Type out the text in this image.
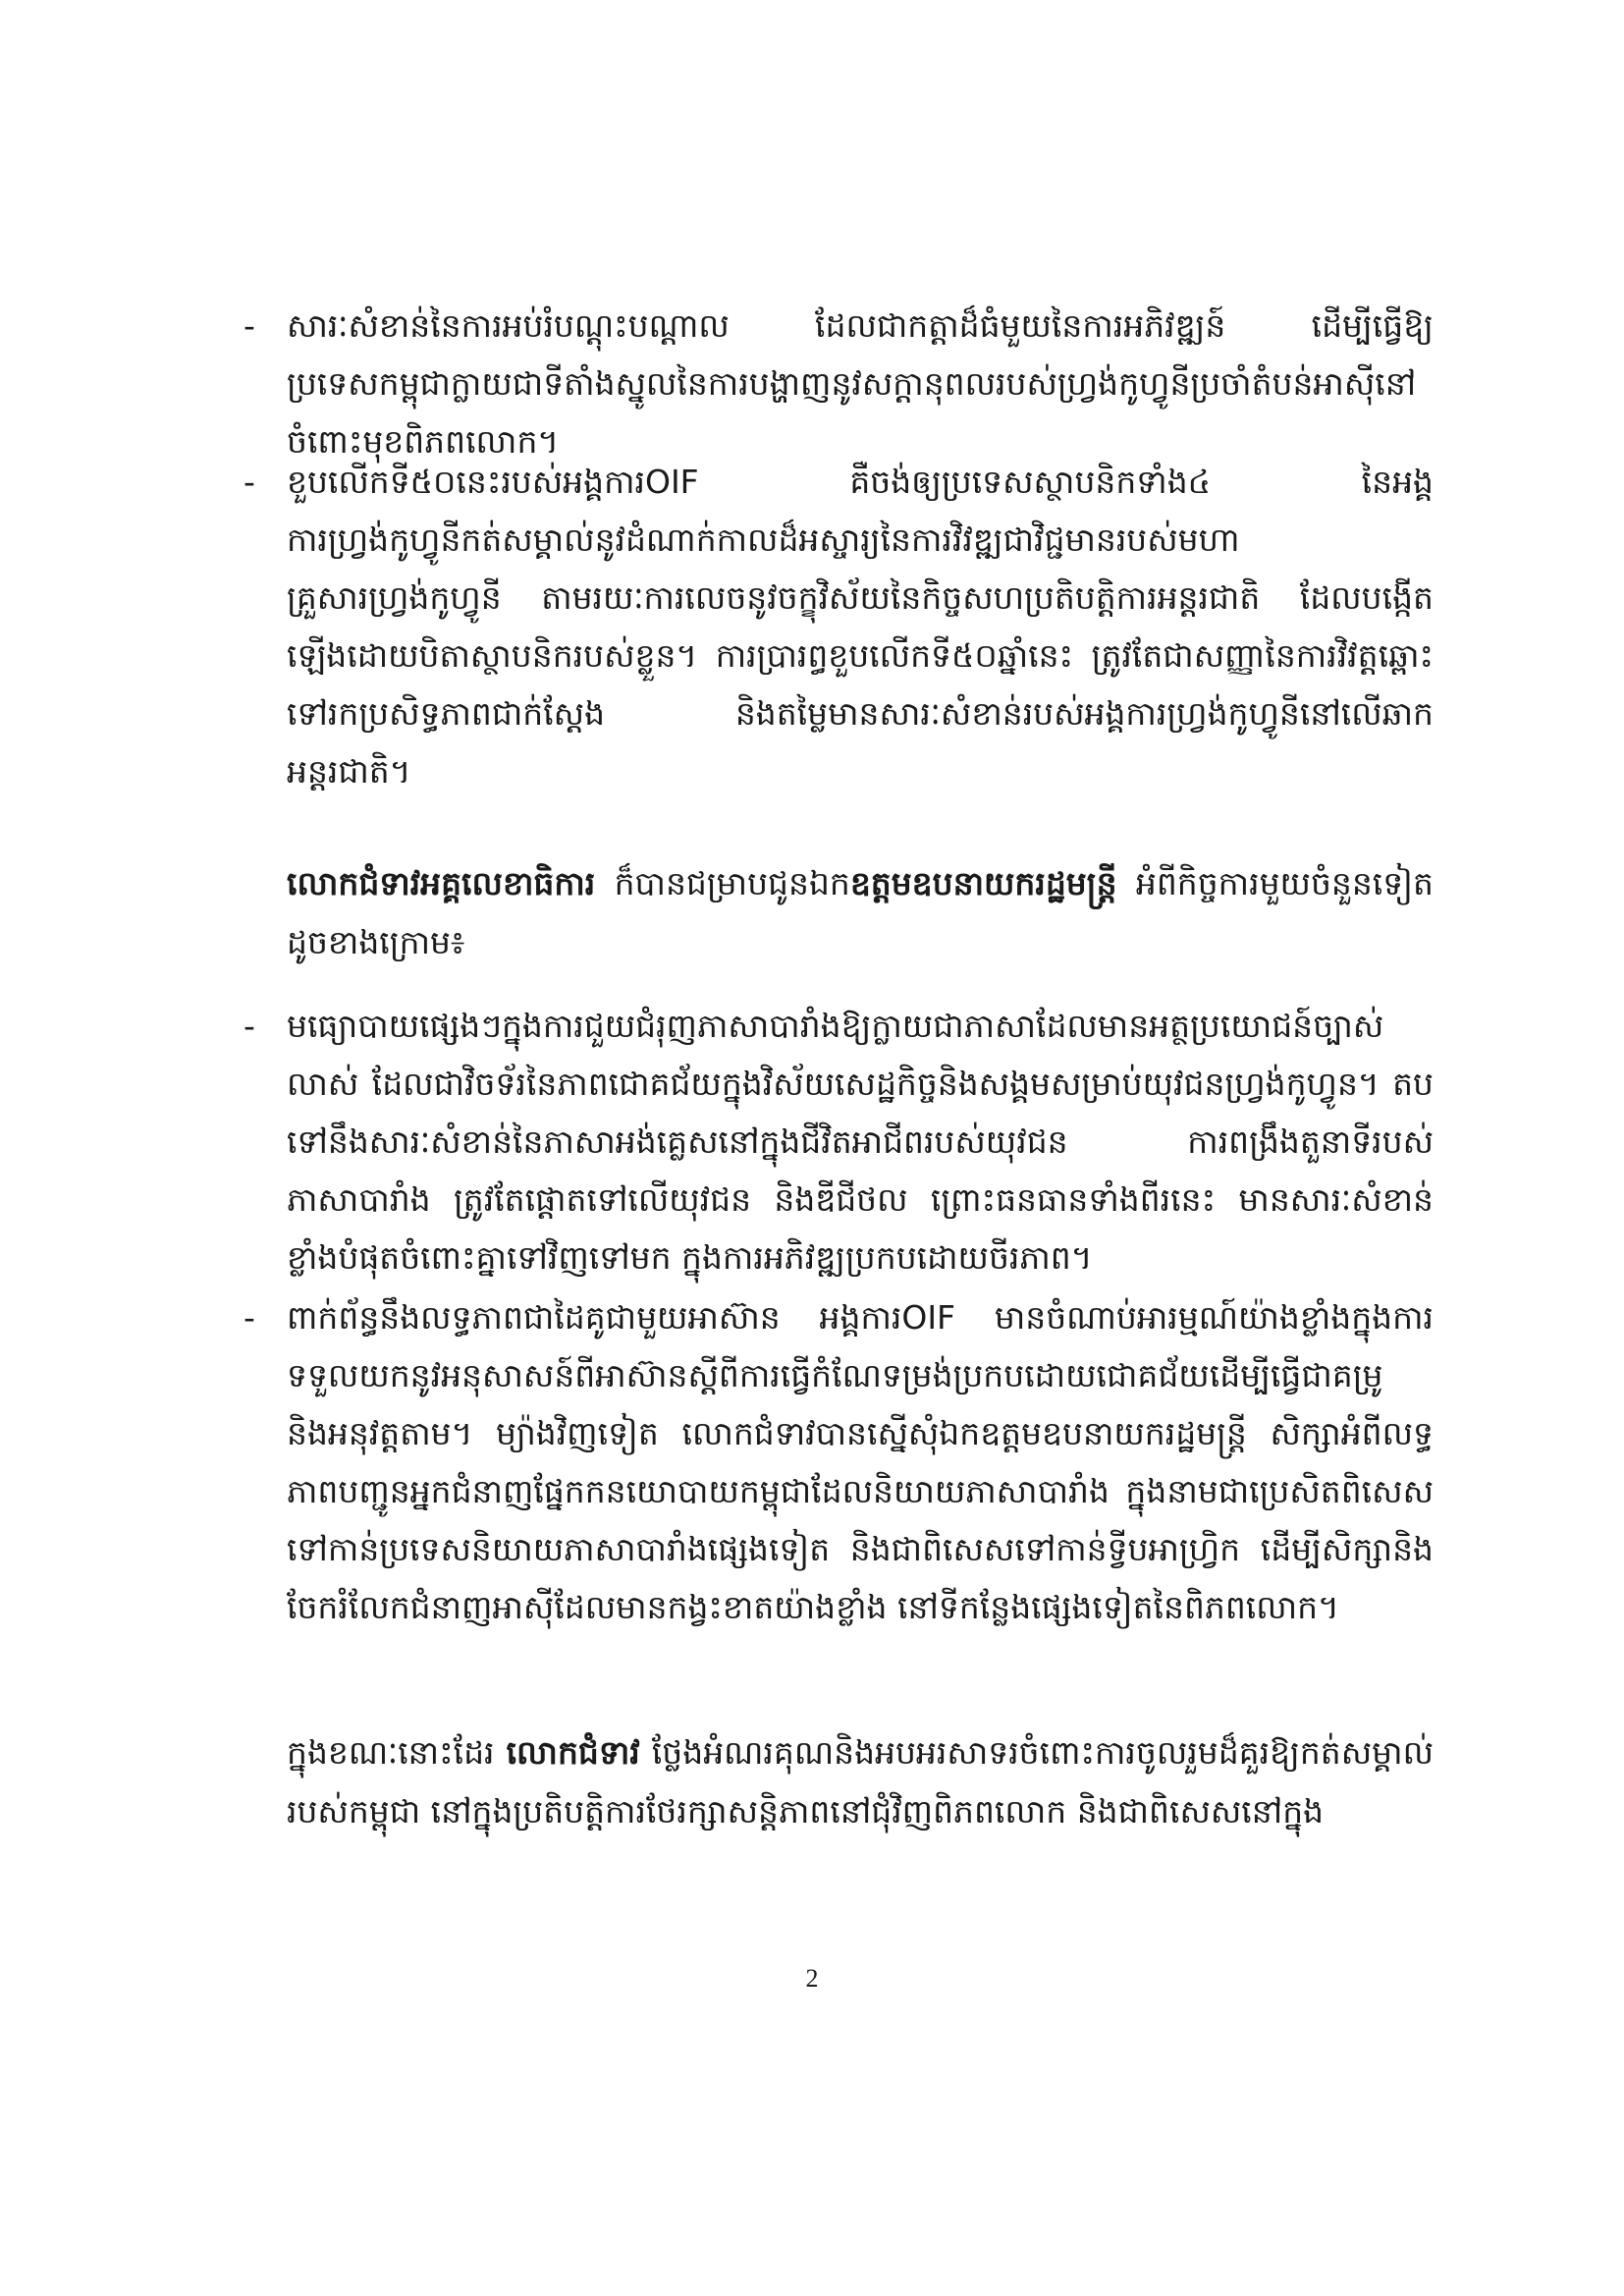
- សារៈសំខាន់នៃការអប់រំបណ្ដុះបណ្ដាល ដែលជាកត្តាដ៏ធំមួយនៃការអភិវឌ្ឍន៍ ដើម្បីធ្វើឱ្យប្រទេសកម្ពុជាក្លាយជាទីតាំងស្នូលនៃការបង្ហាញនូវសក្ដានុពលរបស់ហ្វ្រង់កូហ្វូនីប្រចាំតំបន់អាស៊ីនៅចំពោះមុខពិភពលោក។
- ខួបលើកទី៥០នេះរបស់អង្គការOIF គឺចង់ឲ្យប្រទេសស្ថាបនិកទាំង៤ នៃអង្គការហ្វ្រង់កូហ្វូនីកត់សម្គាល់នូវដំណាក់កាលដ៏អស្ចារ្យនៃការវិវឌ្ឍជាវិជ្ជមានរបស់មហាគ្រួសារហ្វ្រង់កូហ្វូនី តាមរយៈការលេចនូវចក្ខុវិស័យនៃកិច្ចសហប្រតិបត្តិការអន្តរជាតិ ដែលបង្កើតឡើងដោយបិតាស្ថាបនិករបស់ខ្លួន។ ការប្រារព្ធខួបលើកទី៥០ឆ្នាំនេះ ត្រូវតែជាសញ្ញានៃការវិវត្តឆ្ពោះទៅរកប្រសិទ្ធភាពជាក់ស្ដែង និងតម្លៃមានសារៈសំខាន់របស់អង្គការហ្វ្រង់កូហ្វូនីនៅលើឆាកអន្តរជាតិ។

លោកជំទាវអគ្គលេខាធិការ ក៏បានជម្រាបជូនឯកឧត្តមឧបនាយករដ្ឋមន្ត្រី អំពីកិច្ចការមួយចំនួនទៀត ដូចខាងក្រោម៖

- មធ្យោបាយផ្សេងៗក្នុងការជួយជំរុញភាសាបារាំងឱ្យក្លាយជាភាសាដែលមានអត្ថប្រយោជន៍ច្បាស់លាស់ ដែលជាវិចទ័រនៃភាពជោគជ័យក្នុងវិស័យសេដ្ឋកិច្ចនិងសង្គមសម្រាប់យុវជនហ្វ្រង់កូហ្វូន។ តបទៅនឹងសារៈសំខាន់នៃភាសាអង់គ្លេសនៅក្នុងជីវិតអាជីពរបស់យុវជន ការពង្រឹងតួនាទីរបស់ភាសាបារាំង ត្រូវតែផ្ដោតទៅលើយុវជន និងឌីជីថល ព្រោះធនធានទាំងពីរនេះ មានសារៈសំខាន់ខ្លាំងបំផុតចំពោះគ្នាទៅវិញទៅមក ក្នុងការអភិវឌ្ឍប្រកបដោយចីរភាព។
- ពាក់ព័ន្ធនឹងលទ្ធភាពជាដៃគូជាមួយអាស៊ាន អង្គការOIF មានចំណាប់អារម្មណ៍យ៉ាងខ្លាំងក្នុងការទទួលយកនូវអនុសាសន៍ពីអាស៊ានស្តីពីការធ្វើកំណែទម្រង់ប្រកបដោយជោគជ័យដើម្បីធ្វើជាគម្រូ និងអនុវត្តតាម។ ម្យ៉ាងវិញទៀត លោកជំទាវបានស្នើសុំឯកឧត្តមឧបនាយករដ្ឋមន្ត្រី សិក្សាអំពីលទ្ធភាពបញ្ជូនអ្នកជំនាញផ្នែកកនយោបាយកម្ពុជាដែលនិយាយភាសាបារាំង ក្នុងនាមជាប្រេសិតពិសេសទៅកាន់ប្រទេសនិយាយភាសាបារាំងផ្សេងទៀត និងជាពិសេសទៅកាន់ទ្វីបអាហ្វ្រិក ដើម្បីសិក្សានិងចែករំលែកជំនាញអាស៊ីដែលមានកង្វះខាតយ៉ាងខ្លាំង នៅទីកន្លែងផ្សេងទៀតនៃពិភពលោក។

ក្នុងខណៈនោះដែរ លោកជំទាវ ថ្លែងអំណរគុណនិងអបអរសាទរចំពោះការចូលរួមដ៏គួរឱ្យកត់សម្គាល់របស់កម្ពុជា នៅក្នុងប្រតិបត្តិការថែរក្សាសន្តិភាពនៅជុំវិញពិភពលោក និងជាពិសេសនៅក្នុង

2
